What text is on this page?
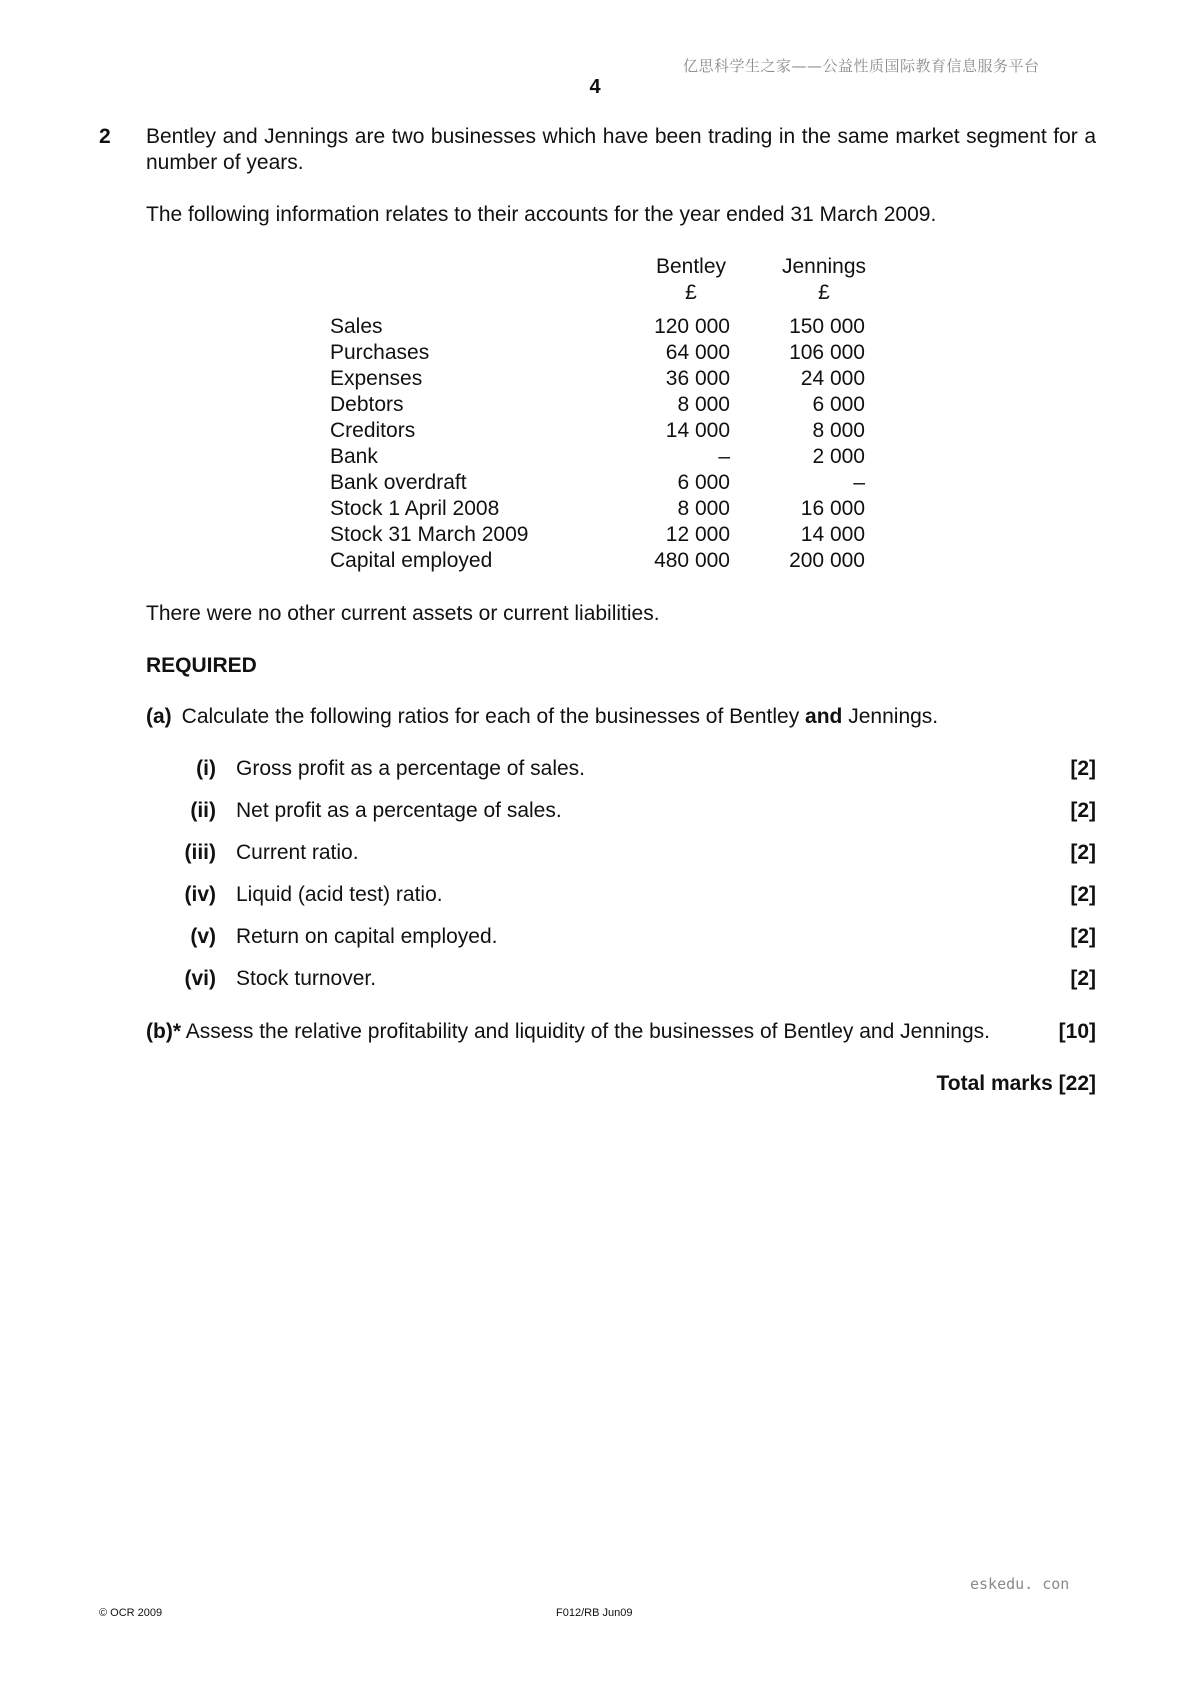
亿思科学生之家——公益性质国际教育信息服务平台
4
2 Bentley and Jennings are two businesses which have been trading in the same market segment for a number of years.
The following information relates to their accounts for the year ended 31 March 2009.
Bentley
£
Jennings
£
Sales	120 000	150 000
Purchases	64 000	106 000
Expenses	36 000	24 000
Debtors	8 000	6 000
Creditors	14 000	8 000
Bank	–	2 000
Bank overdraft	6 000	–
Stock 1 April 2008	8 000	16 000
Stock 31 March 2009	12 000	14 000
Capital employed	480 000	200 000
There were no other current assets or current liabilities.
REQUIRED
(a) Calculate the following ratios for each of the businesses of Bentley and Jennings.
(i) Gross profit as a percentage of sales.	[2]
(ii) Net profit as a percentage of sales.	[2]
(iii) Current ratio.	[2]
(iv) Liquid (acid test) ratio.	[2]
(v) Return on capital employed.	[2]
(vi) Stock turnover.	[2]
(b)* Assess the relative profitability and liquidity of the businesses of Bentley and Jennings.	[10]
Total marks [22]
eskedu. con
© OCR 2009	F012/RB Jun09
